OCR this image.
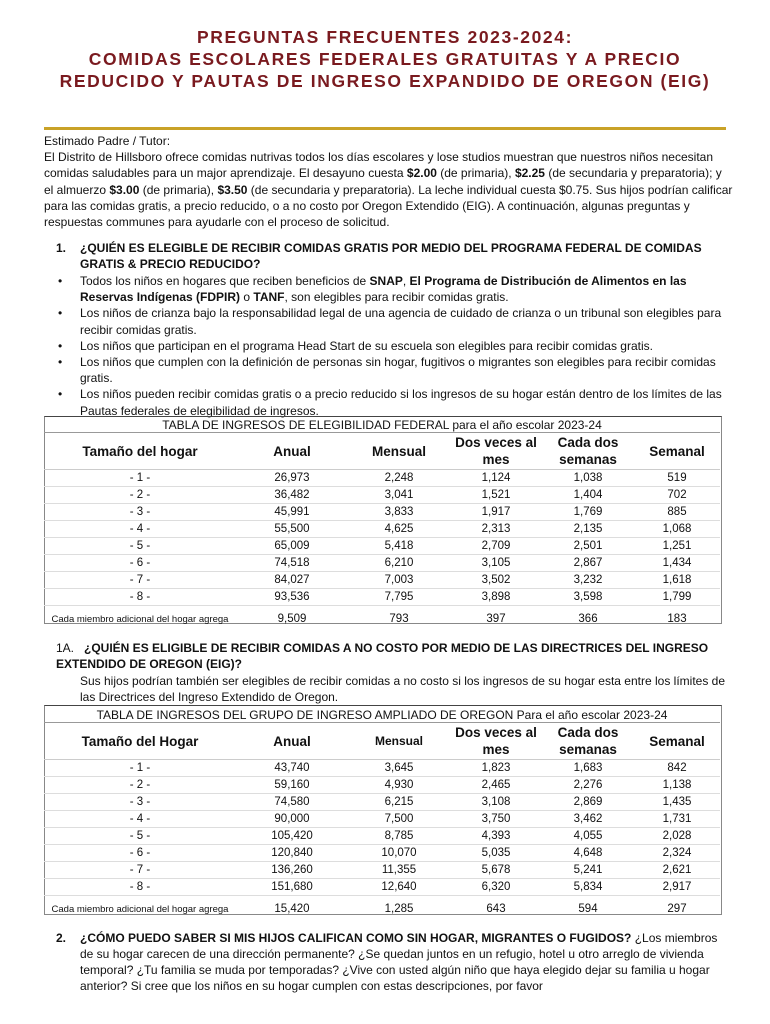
PREGUNTAS FRECUENTES 2023-2024:
COMIDAS ESCOLARES FEDERALES GRATUITAS Y A PRECIO
REDUCIDO Y PAUTAS DE INGRESO EXPANDIDO DE OREGON (EIG)

Estimado Padre / Tutor:

El Distrito de Hillsboro ofrece comidas nutrivas todos los días escolares y lose studios muestran que nuestros niños necesitan comidas saludables para un major aprendizaje. El desayuno cuesta $2.00 (de primaria), $2.25 (de secundaria y preparatoria); y el almuerzo $3.00 (de primaria), $3.50 (de secundaria y preparatoria). La leche individual cuesta $0.75. Sus hijos podrían calificar para las comidas gratis, a precio reducido, o a no costo por Oregon Extendido (EIG). A continuación, algunas preguntas y respuestas communes para ayudarle con el proceso de solicitud.

1. ¿QUIÉN ES ELEGIBLE DE RECIBIR COMIDAS GRATIS POR MEDIO DEL PROGRAMA FEDERAL DE COMIDAS GRATIS & PRECIO REDUCIDO?
• Todos los niños en hogares que reciben beneficios de SNAP, El Programa de Distribución de Alimentos en las Reservas Indígenas (FDPIR) o TANF, son elegibles para recibir comidas gratis.
• Los niños de crianza bajo la responsabilidad legal de una agencia de cuidado de crianza o un tribunal son elegibles para recibir comidas gratis.
• Los niños que participan en el programa Head Start de su escuela son elegibles para recibir comidas gratis.
• Los niños que cumplen con la definición de personas sin hogar, fugitivos o migrantes son elegibles para recibir comidas gratis.
• Los niños pueden recibir comidas gratis o a precio reducido si los ingresos de su hogar están dentro de los límites de las Pautas federales de elegibilidad de ingresos.
TABLA DE INGRESOS DE ELEGIBILIDAD FEDERAL para el año escolar 2023-24					
Tamaño del hogar	Anual	Mensual	Dos veces al mes	Cada dos semanas	Semanal
- 1 -	26,973	2,248	1,124	1,038	519
- 2 -	36,482	3,041	1,521	1,404	702
- 3 -	45,991	3,833	1,917	1,769	885
- 4 -	55,500	4,625	2,313	2,135	1,068
- 5 -	65,009	5,418	2,709	2,501	1,251
- 6 -	74,518	6,210	3,105	2,867	1,434
- 7 -	84,027	7,003	3,502	3,232	1,618
- 8 -	93,536	7,795	3,898	3,598	1,799
Cada miembro adicional del hogar agrega	9,509	793	397	366	183
1A. ¿QUIÉN ES ELIGIBLE DE RECIBIR COMIDAS A NO COSTO POR MEDIO DE LAS DIRECTRICES DEL INGRESO EXTENDIDO DE OREGON (EIG)?
Sus hijos podrían también ser elegibles de recibir comidas a no costo si los ingresos de su hogar esta entre los límites de las Directrices del Ingreso Extendido de Oregon.
TABLA DE INGRESOS DEL GRUPO DE INGRESO AMPLIADO DE OREGON Para el año escolar 2023-24					
Tamaño del Hogar	Anual	Mensual	Dos veces al mes	Cada dos semanas	Semanal
- 1 -	43,740	3,645	1,823	1,683	842
- 2 -	59,160	4,930	2,465	2,276	1,138
- 3 -	74,580	6,215	3,108	2,869	1,435
- 4 -	90,000	7,500	3,750	3,462	1,731
- 5 -	105,420	8,785	4,393	4,055	2,028
- 6 -	120,840	10,070	5,035	4,648	2,324
- 7 -	136,260	11,355	5,678	5,241	2,621
- 8 -	151,680	12,640	6,320	5,834	2,917
Cada miembro adicional del hogar agrega	15,420	1,285	643	594	297
2. ¿CÓMO PUEDO SABER SI MIS HIJOS CALIFICAN COMO SIN HOGAR, MIGRANTES O FUGIDOS? ¿Los miembros de su hogar carecen de una dirección permanente? ¿Se quedan juntos en un refugio, hotel u otro arreglo de vivienda temporal? ¿Tu familia se muda por temporadas? ¿Vive con usted algún niño que haya elegido dejar su familia u hogar anterior? Si cree que los niños en su hogar cumplen con estas descripciones, por favor
